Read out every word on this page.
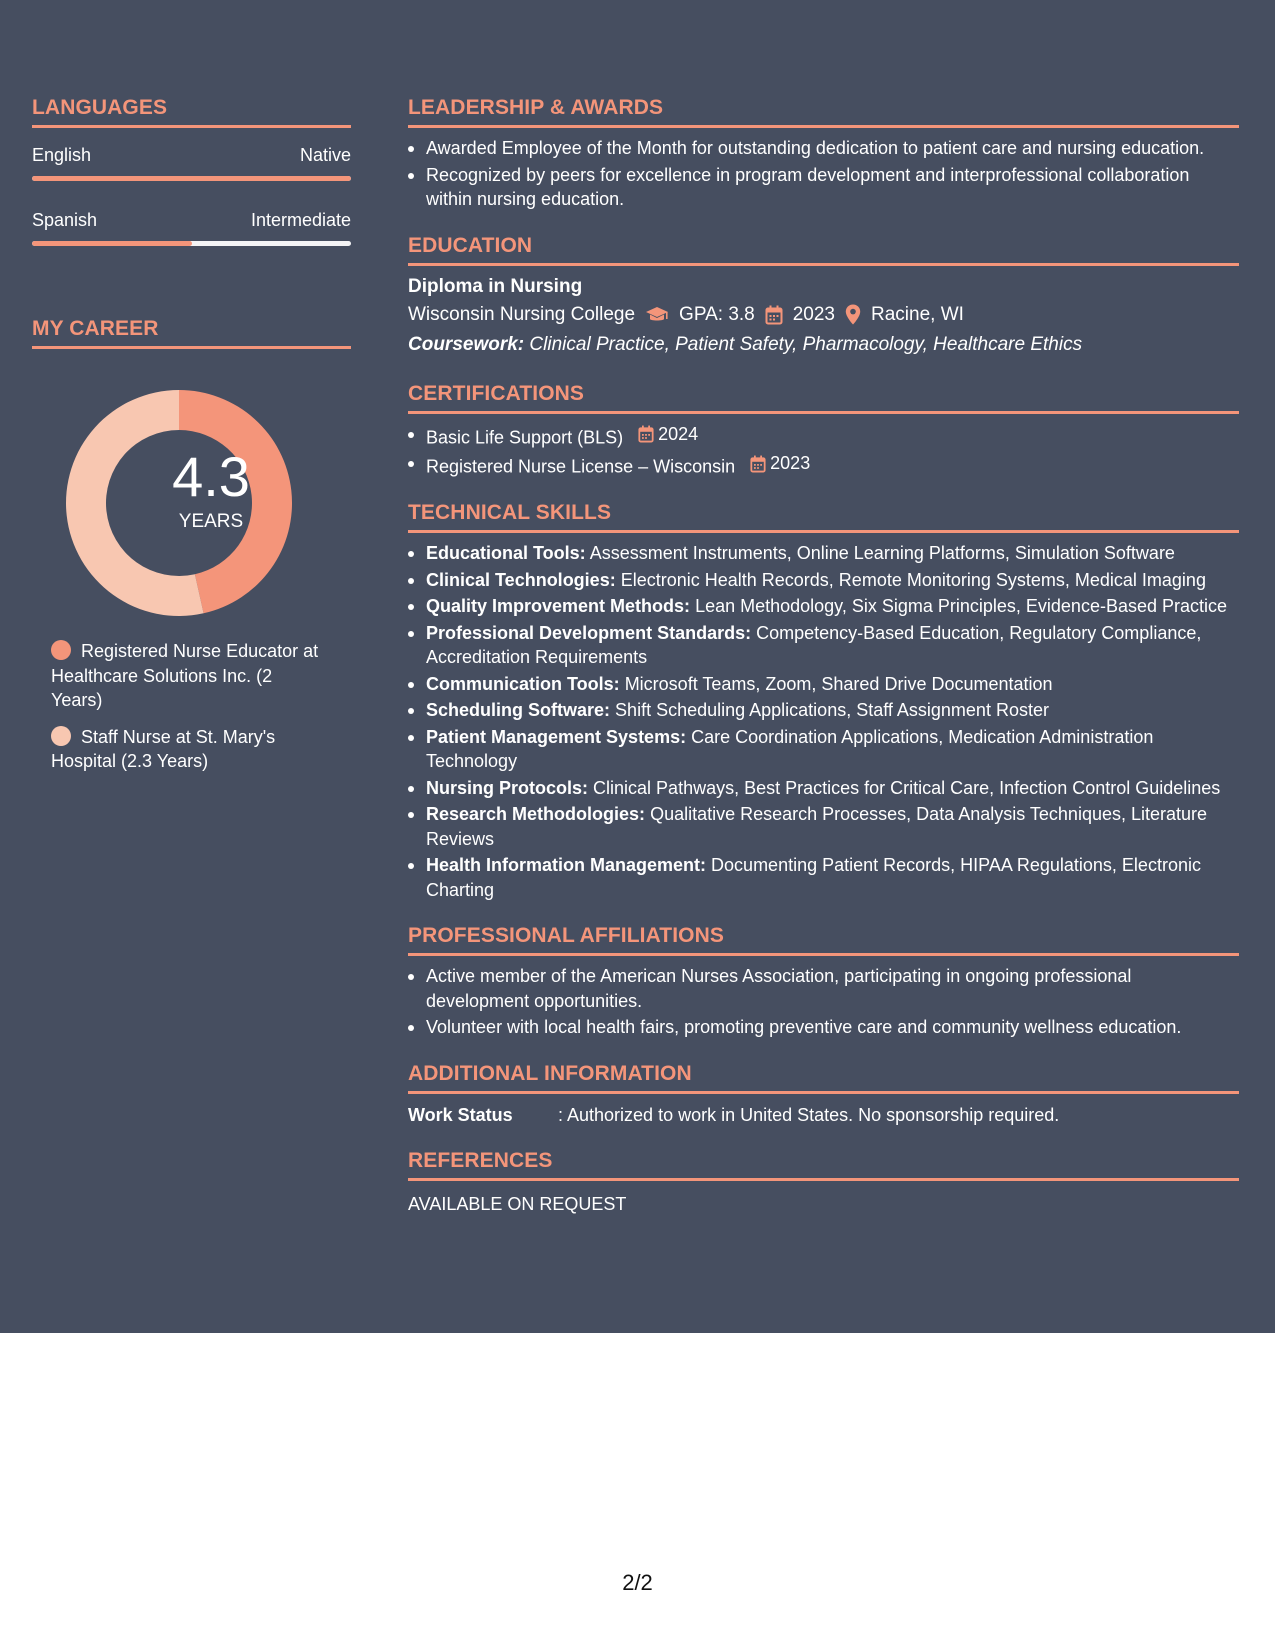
LANGUAGES
English	Native
Spanish	Intermediate
MY CAREER
4.3
YEARS
Registered Nurse Educator at Healthcare Solutions Inc. (2 Years)
Staff Nurse at St. Mary's Hospital (2.3 Years)
LEADERSHIP & AWARDS
Awarded Employee of the Month for outstanding dedication to patient care and nursing education.
Recognized by peers for excellence in program development and interprofessional collaboration within nursing education.
EDUCATION
Diploma in Nursing
Wisconsin Nursing College GPA: 3.8 2023 Racine, WI
Coursework: Clinical Practice, Patient Safety, Pharmacology, Healthcare Ethics
CERTIFICATIONS
Basic Life Support (BLS) 2024
Registered Nurse License – Wisconsin 2023
TECHNICAL SKILLS
Educational Tools: Assessment Instruments, Online Learning Platforms, Simulation Software
Clinical Technologies: Electronic Health Records, Remote Monitoring Systems, Medical Imaging
Quality Improvement Methods: Lean Methodology, Six Sigma Principles, Evidence-Based Practice
Professional Development Standards: Competency-Based Education, Regulatory Compliance, Accreditation Requirements
Communication Tools: Microsoft Teams, Zoom, Shared Drive Documentation
Scheduling Software: Shift Scheduling Applications, Staff Assignment Roster
Patient Management Systems: Care Coordination Applications, Medication Administration Technology
Nursing Protocols: Clinical Pathways, Best Practices for Critical Care, Infection Control Guidelines
Research Methodologies: Qualitative Research Processes, Data Analysis Techniques, Literature Reviews
Health Information Management: Documenting Patient Records, HIPAA Regulations, Electronic Charting
PROFESSIONAL AFFILIATIONS
Active member of the American Nurses Association, participating in ongoing professional development opportunities.
Volunteer with local health fairs, promoting preventive care and community wellness education.
ADDITIONAL INFORMATION
Work Status	: Authorized to work in United States. No sponsorship required.
REFERENCES
AVAILABLE ON REQUEST
2/2
